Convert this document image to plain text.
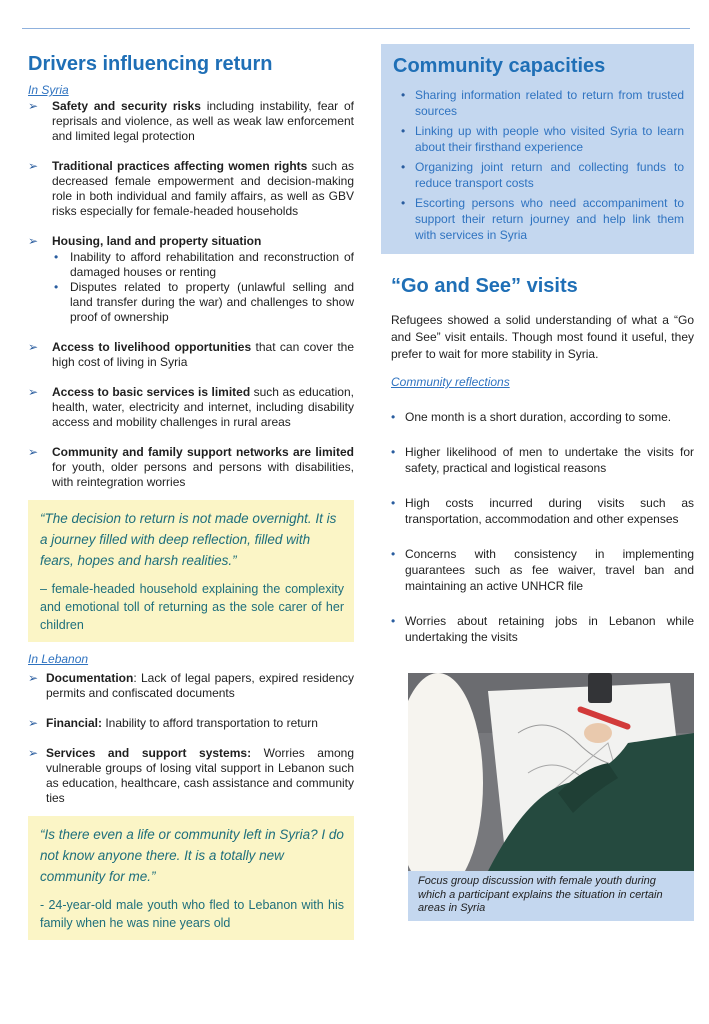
Drivers influencing return
In Syria
➢ Safety and security risks including instability, fear of reprisals and violence, as well as weak law enforcement and limited legal protection
➢ Traditional practices affecting women rights such as decreased female empowerment and decision-making role in both individual and family affairs, as well as GBV risks especially for female-headed households
➢ Housing, land and property situation
• Inability to afford rehabilitation and reconstruction of damaged houses or renting
• Disputes related to property (unlawful selling and land transfer during the war) and challenges to show proof of ownership
➢ Access to livelihood opportunities that can cover the high cost of living in Syria
➢ Access to basic services is limited such as education, health, water, electricity and internet, including disability access and mobility challenges in rural areas
➢ Community and family support networks are limited for youth, older persons and persons with disabilities, with reintegration worries
“The decision to return is not made overnight. It is a journey filled with deep reflection, filled with fears, hopes and harsh realities.”
– female-headed household explaining the complexity and emotional toll of returning as the sole carer of her children
In Lebanon
➢ Documentation: Lack of legal papers, expired residency permits and confiscated documents
➢ Financial: Inability to afford transportation to return
➢ Services and support systems: Worries among vulnerable groups of losing vital support in Lebanon such as education, healthcare, cash assistance and community ties
“Is there even a life or community left in Syria? I do not know anyone there. It is a totally new community for me.”
- 24-year-old male youth who fled to Lebanon with his family when he was nine years old
Community capacities
• Sharing information related to return from trusted sources
• Linking up with people who visited Syria to learn about their firsthand experience
• Organizing joint return and collecting funds to reduce transport costs
• Escorting persons who need accompaniment to support their return journey and help link them with services in Syria
“Go and See” visits
Refugees showed a solid understanding of what a “Go and See” visit entails. Though most found it useful, they prefer to wait for more stability in Syria.
Community reflections
• One month is a short duration, according to some.
• Higher likelihood of men to undertake the visits for safety, practical and logistical reasons
• High costs incurred during visits such as transportation, accommodation and other expenses
• Concerns with consistency in implementing guarantees such as fee waiver, travel ban and maintaining an active UNHCR file
• Worries about retaining jobs in Lebanon while undertaking the visits
Focus group discussion with female youth during which a participant explains the situation in certain areas in Syria
